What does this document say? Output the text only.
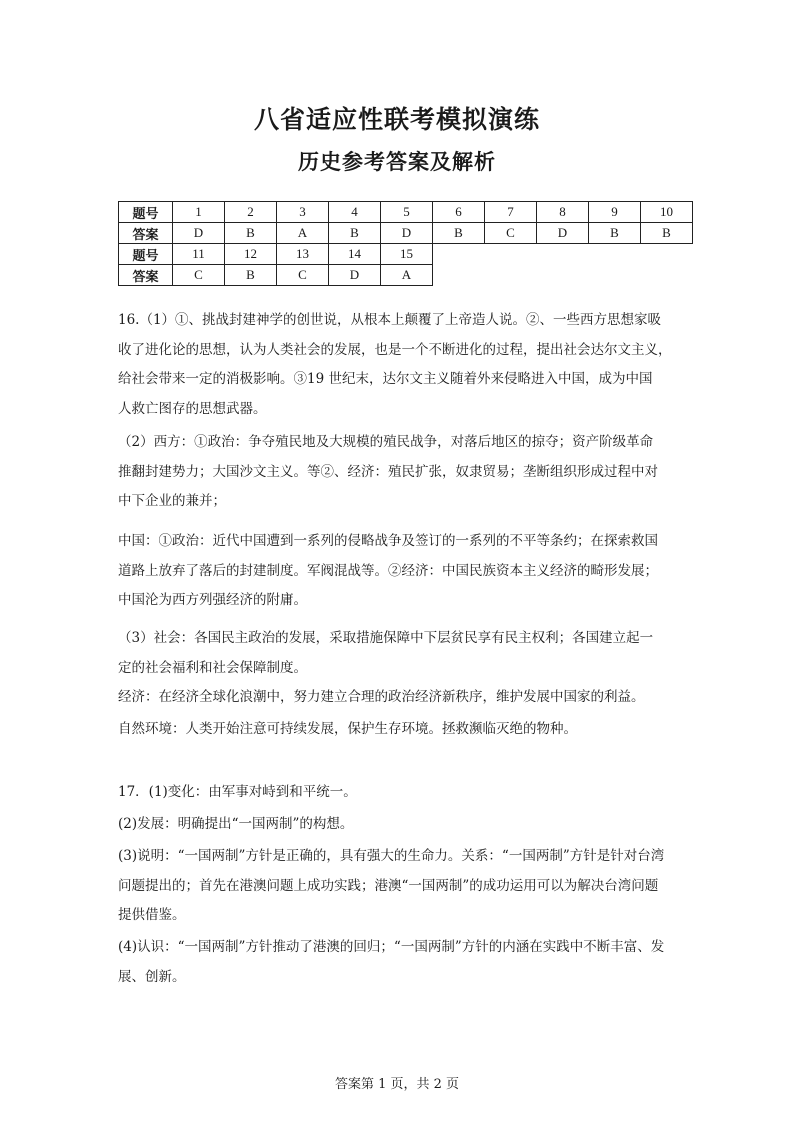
八省适应性联考模拟演练
历史参考答案及解析
题号	1	2	3	4	5	6	7	8	9	10
答案	D	B	A	B	D	B	C	D	B	B
题号	11	12	13	14	15					
答案	C	B	C	D	A					
16.（1）①、挑战封建神学的创世说，从根本上颠覆了上帝造人说。②、一些西方思想家吸
收了进化论的思想，认为人类社会的发展，也是一个不断进化的过程，提出社会达尔文主义，
给社会带来一定的消极影响。③19 世纪末，达尔文主义随着外来侵略进入中国，成为中国
人救亡图存的思想武器。
（2）西方：①政治：争夺殖民地及大规模的殖民战争，对落后地区的掠夺；资产阶级革命
推翻封建势力；大国沙文主义。等②、经济：殖民扩张，奴隶贸易；垄断组织形成过程中对
中下企业的兼并；
中国：①政治：近代中国遭到一系列的侵略战争及签订的一系列的不平等条约；在探索救国
道路上放弃了落后的封建制度。军阀混战等。②经济：中国民族资本主义经济的畸形发展；
中国沦为西方列强经济的附庸。
（3）社会：各国民主政治的发展，采取措施保障中下层贫民享有民主权利；各国建立起一
定的社会福利和社会保障制度。
经济：在经济全球化浪潮中，努力建立合理的政治经济新秩序，维护发展中国家的利益。
自然环境：人类开始注意可持续发展，保护生存环境。拯救濒临灭绝的物种。
17．(1)变化：由军事对峙到和平统一。
(2)发展：明确提出“一国两制”的构想。
(3)说明：“一国两制”方针是正确的，具有强大的生命力。关系：“一国两制”方针是针对台湾
问题提出的；首先在港澳问题上成功实践；港澳“一国两制”的成功运用可以为解决台湾问题
提供借鉴。
(4)认识：“一国两制”方针推动了港澳的回归；“一国两制”方针的内涵在实践中不断丰富、发
展、创新。
答案第 1 页，共 2 页
